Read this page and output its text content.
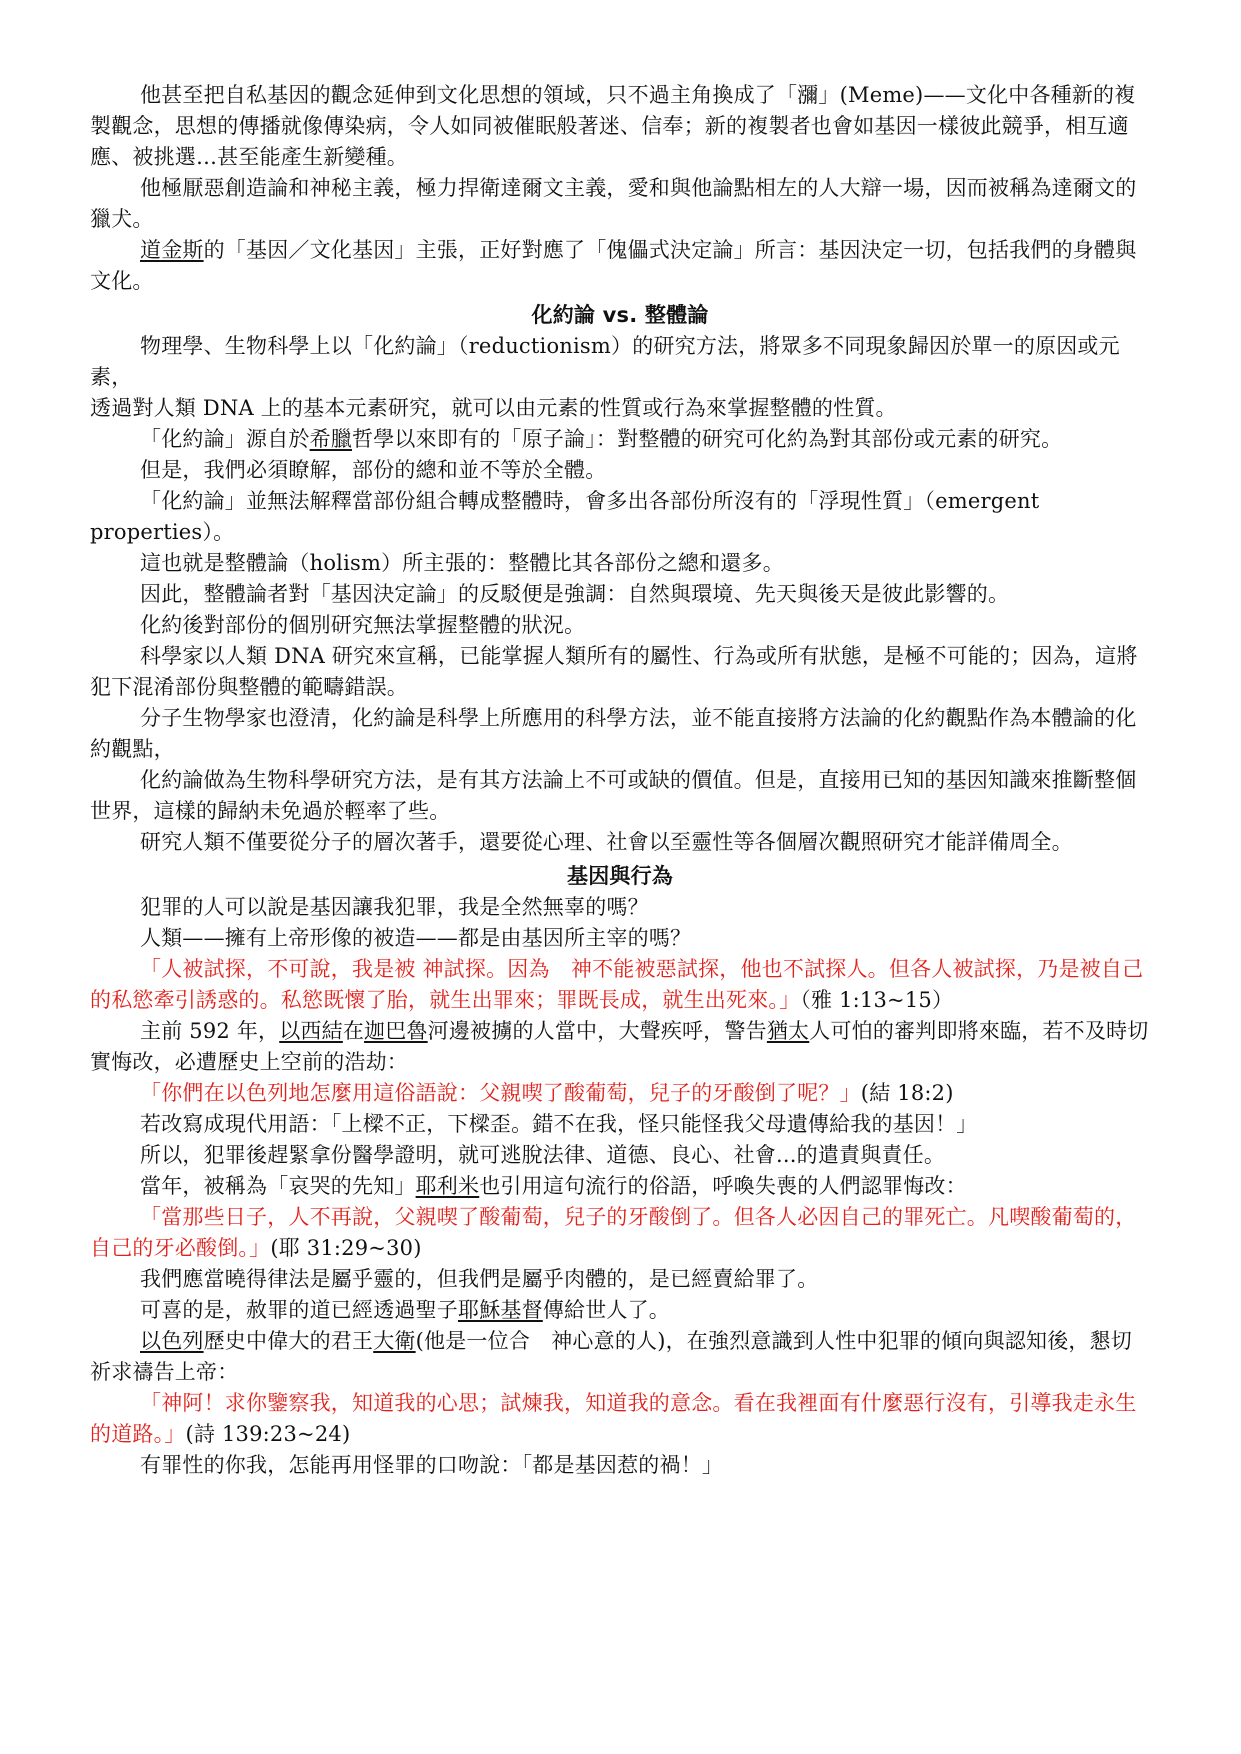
他甚至把自私基因的觀念延伸到文化思想的領域，只不過主角換成了「瀰」(Meme)——文化中各種新的複製觀念，思想的傳播就像傳染病，令人如同被催眠般著迷、信奉；新的複製者也會如基因一樣彼此競爭，相互適應、被挑選…甚至能產生新變種。

他極厭惡創造論和神秘主義，極力捍衛達爾文主義，愛和與他論點相左的人大辯一場，因而被稱為達爾文的獵犬。

道金斯的「基因／文化基因」主張，正好對應了「傀儡式決定論」所言：基因決定一切，包括我們的身體與文化。

化約論 vs. 整體論

物理學、生物科學上以「化約論」（reductionism）的研究方法，將眾多不同現象歸因於單一的原因或元素，

透過對人類 DNA 上的基本元素研究，就可以由元素的性質或行為來掌握整體的性質。

「化約論」源自於希臘哲學以來即有的「原子論」：對整體的研究可化約為對其部份或元素的研究。

但是，我們必須瞭解，部份的總和並不等於全體。

「化約論」並無法解釋當部份組合轉成整體時，會多出各部份所沒有的「浮現性質」（emergent properties）。

這也就是整體論（holism）所主張的：整體比其各部份之總和還多。

因此，整體論者對「基因決定論」的反駁便是強調：自然與環境、先天與後天是彼此影響的。

化約後對部份的個別研究無法掌握整體的狀況。

科學家以人類 DNA 研究來宣稱，已能掌握人類所有的屬性、行為或所有狀態，是極不可能的；因為，這將犯下混淆部份與整體的範疇錯誤。

分子生物學家也澄清，化約論是科學上所應用的科學方法，並不能直接將方法論的化約觀點作為本體論的化約觀點，

化約論做為生物科學研究方法，是有其方法論上不可或缺的價值。但是，直接用已知的基因知識來推斷整個世界，這樣的歸納未免過於輕率了些。

研究人類不僅要從分子的層次著手，還要從心理、社會以至靈性等各個層次觀照研究才能詳備周全。

基因與行為

犯罪的人可以說是基因讓我犯罪，我是全然無辜的嗎？

人類——擁有上帝形像的被造——都是由基因所主宰的嗎？

「人被試探，不可說，我是被 神試探。因為　神不能被惡試探，他也不試探人。但各人被試探，乃是被自己的私慾牽引誘惑的。私慾既懷了胎，就生出罪來；罪既長成，就生出死來。」（雅 1:13~15）

主前 592 年，以西結在迦巴魯河邊被擄的人當中，大聲疾呼，警告猶太人可怕的審判即將來臨，若不及時切實悔改，必遭歷史上空前的浩劫：

「你們在以色列地怎麼用這俗語說：父親喫了酸葡萄，兒子的牙酸倒了呢？」(結 18:2)

若改寫成現代用語：「上樑不正，下樑歪。錯不在我，怪只能怪我父母遺傳給我的基因！」

所以，犯罪後趕緊拿份醫學證明，就可逃脫法律、道德、良心、社會...的遣責與責任。

當年，被稱為「哀哭的先知」耶利米也引用這句流行的俗語，呼喚失喪的人們認罪悔改：

「當那些日子，人不再說，父親喫了酸葡萄，兒子的牙酸倒了。但各人必因自己的罪死亡。凡喫酸葡萄的，自己的牙必酸倒。」(耶 31:29~30)

我們應當曉得律法是屬乎靈的，但我們是屬乎肉體的，是已經賣給罪了。

可喜的是，赦罪的道已經透過聖子耶穌基督傳給世人了。

以色列歷史中偉大的君王大衛(他是一位合　神心意的人)，在強烈意識到人性中犯罪的傾向與認知後，懇切祈求禱告上帝：

「神阿！求你鑒察我，知道我的心思；試煉我，知道我的意念。看在我裡面有什麼惡行沒有，引導我走永生的道路。」(詩 139:23~24)

有罪性的你我，怎能再用怪罪的口吻說：「都是基因惹的禍！」
